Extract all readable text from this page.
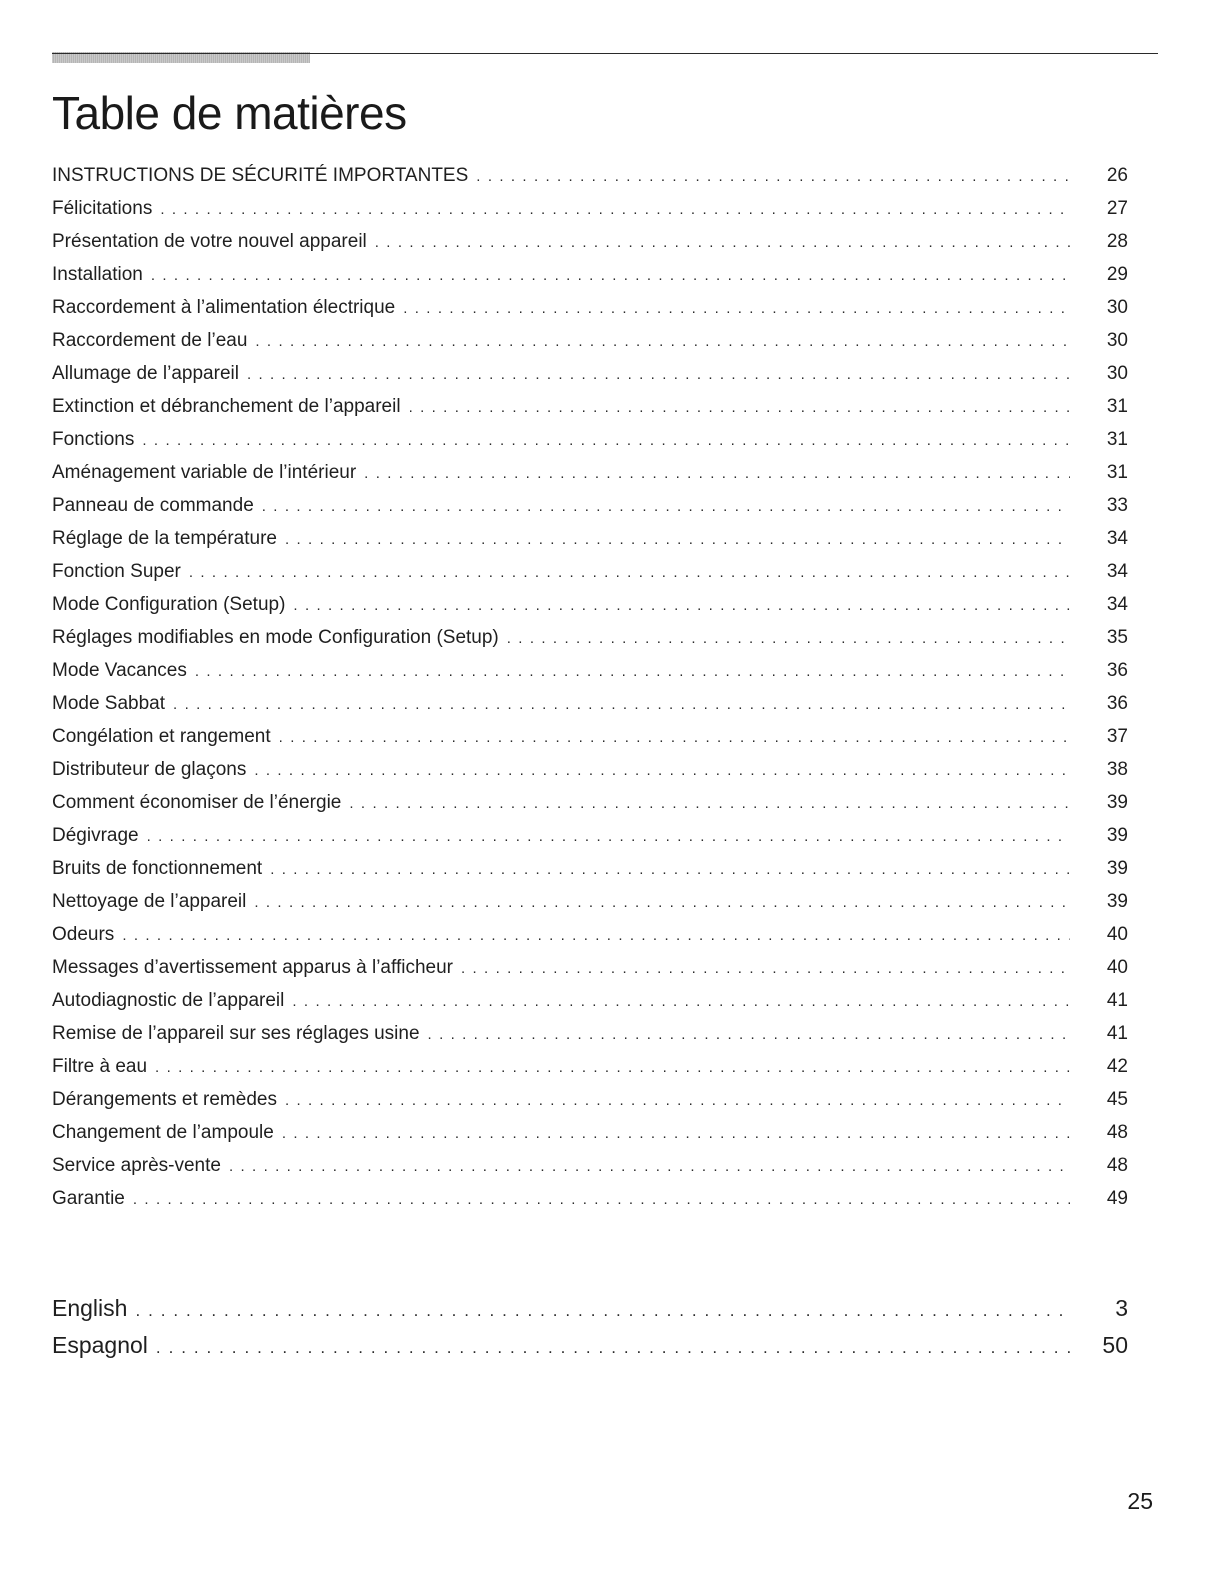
Table de matières
INSTRUCTIONS DE SÉCURITÉ IMPORTANTES . . .	26
Félicitations . . .	27
Présentation de votre nouvel appareil . . .	28
Installation . . .	29
Raccordement à l’alimentation électrique . . .	30
Raccordement de l’eau . . .	30
Allumage de l’appareil . . .	30
Extinction et débranchement de l’appareil . . .	31
Fonctions . . .	31
Aménagement variable de l’intérieur . . .	31
Panneau de commande . . .	33
Réglage de la température . . .	34
Fonction Super . . .	34
Mode Configuration (Setup) . . .	34
Réglages modifiables en mode Configuration (Setup) . . .	35
Mode Vacances . . .	36
Mode Sabbat . . .	36
Congélation et rangement . . .	37
Distributeur de glaçons . . .	38
Comment économiser de l’énergie . . .	39
Dégivrage . . .	39
Bruits de fonctionnement . . .	39
Nettoyage de l’appareil . . .	39
Odeurs . . .	40
Messages d’avertissement apparus à l’afficheur . . .	40
Autodiagnostic de l’appareil . . .	41
Remise de l’appareil sur ses réglages usine . . .	41
Filtre à eau . . .	42
Dérangements et remèdes . . .	45
Changement de l’ampoule . . .	48
Service après-vente . . .	48
Garantie . . .	49
English . . .	3
Espagnol . . .	50
25
